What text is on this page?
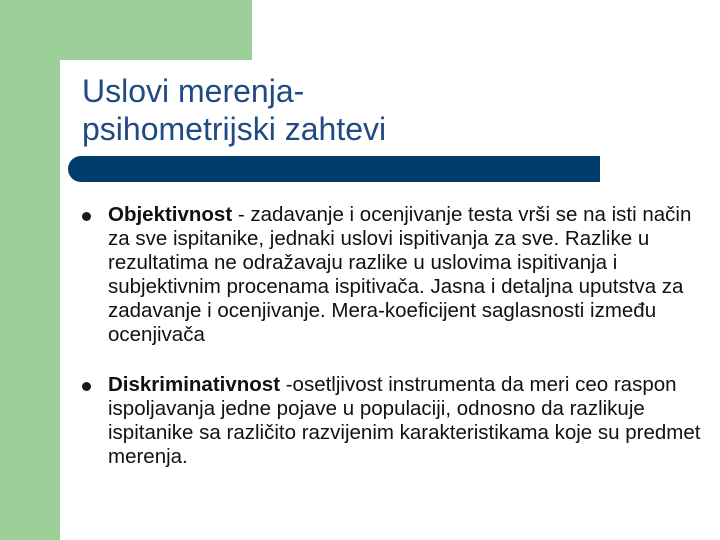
Uslovi merenja-
psihometrijski zahtevi
Objektivnost - zadavanje i ocenjivanje testa vrši se na isti način za sve ispitanike, jednaki uslovi ispitivanja za sve. Razlike u rezultatima ne odražavaju razlike u uslovima ispitivanja i subjektivnim procenama ispitivača. Jasna i detaljna uputstva za zadavanje i ocenjivanje. Mera-koeficijent saglasnosti između ocenjivača
Diskriminativnost -osetljivost instrumenta da meri ceo raspon ispoljavanja jedne pojave u populaciji, odnosno da razlikuje ispitanike sa različito razvijenim karakteristikama koje su predmet merenja.
